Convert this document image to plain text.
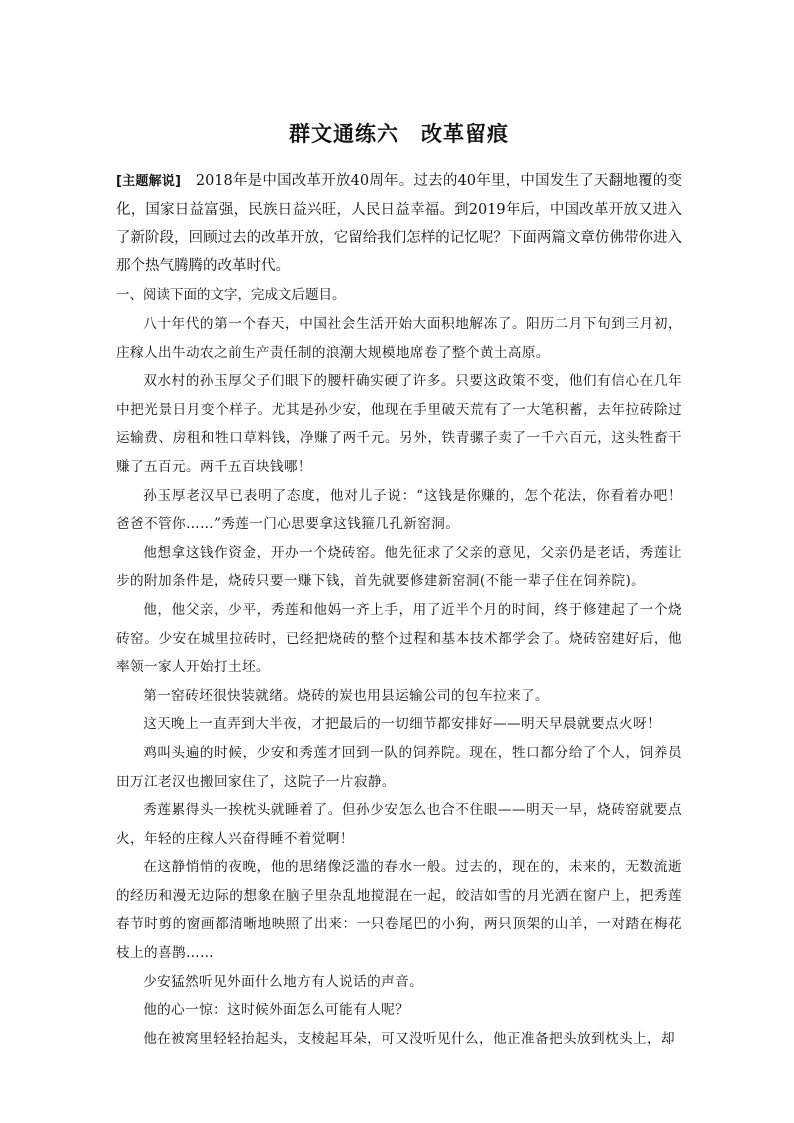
群文通练六　改革留痕

[主题解说]　2018年是中国改革开放40周年。过去的40年里，中国发生了天翻地覆的变化，国家日益富强，民族日益兴旺，人民日益幸福。到2019年后，中国改革开放又进入了新阶段，回顾过去的改革开放，它留给我们怎样的记忆呢？下面两篇文章仿佛带你进入那个热气腾腾的改革时代。

一、阅读下面的文字，完成文后题目。

八十年代的第一个春天，中国社会生活开始大面积地解冻了。阳历二月下旬到三月初，庄稼人出牛动农之前生产责任制的浪潮大规模地席卷了整个黄土高原。

双水村的孙玉厚父子们眼下的腰杆确实硬了许多。只要这政策不变，他们有信心在几年中把光景日月变个样子。尤其是孙少安，他现在手里破天荒有了一大笔积蓄，去年拉砖除过运输费、房租和牲口草料钱，净赚了两千元。另外，铁青骡子卖了一千六百元，这头牲畜干赚了五百元。两千五百块钱哪！

孙玉厚老汉早已表明了态度，他对儿子说：“这钱是你赚的，怎个花法，你看着办吧！爸爸不管你……”秀莲一门心思要拿这钱箍几孔新窑洞。

他想拿这钱作资金，开办一个烧砖窑。他先征求了父亲的意见，父亲仍是老话，秀莲让步的附加条件是，烧砖只要一赚下钱，首先就要修建新窑洞(不能一辈子住在饲养院)。

他，他父亲，少平，秀莲和他妈一齐上手，用了近半个月的时间，终于修建起了一个烧砖窑。少安在城里拉砖时，已经把烧砖的整个过程和基本技术都学会了。烧砖窑建好后，他率领一家人开始打土坯。

第一窑砖坯很快装就绪。烧砖的炭也用县运输公司的包车拉来了。

这天晚上一直弄到大半夜，才把最后的一切细节都安排好——明天早晨就要点火呀！

鸡叫头遍的时候，少安和秀莲才回到一队的饲养院。现在，牲口都分给了个人，饲养员田万江老汉也搬回家住了，这院子一片寂静。

秀莲累得头一挨枕头就睡着了。但孙少安怎么也合不住眼——明天一早，烧砖窑就要点火，年轻的庄稼人兴奋得睡不着觉啊！

在这静悄悄的夜晚，他的思绪像泛滥的春水一般。过去的，现在的，未来的，无数流逝的经历和漫无边际的想象在脑子里杂乱地搅混在一起，皎洁如雪的月光洒在窗户上，把秀莲春节时剪的窗画都清晰地映照了出来：一只卷尾巴的小狗，两只顶架的山羊，一对踏在梅花枝上的喜鹊……

少安猛然听见外面什么地方有人说话的声音。

他的心一惊：这时候外面怎么可能有人呢？

他在被窝里轻轻抬起头，支棱起耳朵，可又没听见什么，他正准备把头放到枕头上，却
